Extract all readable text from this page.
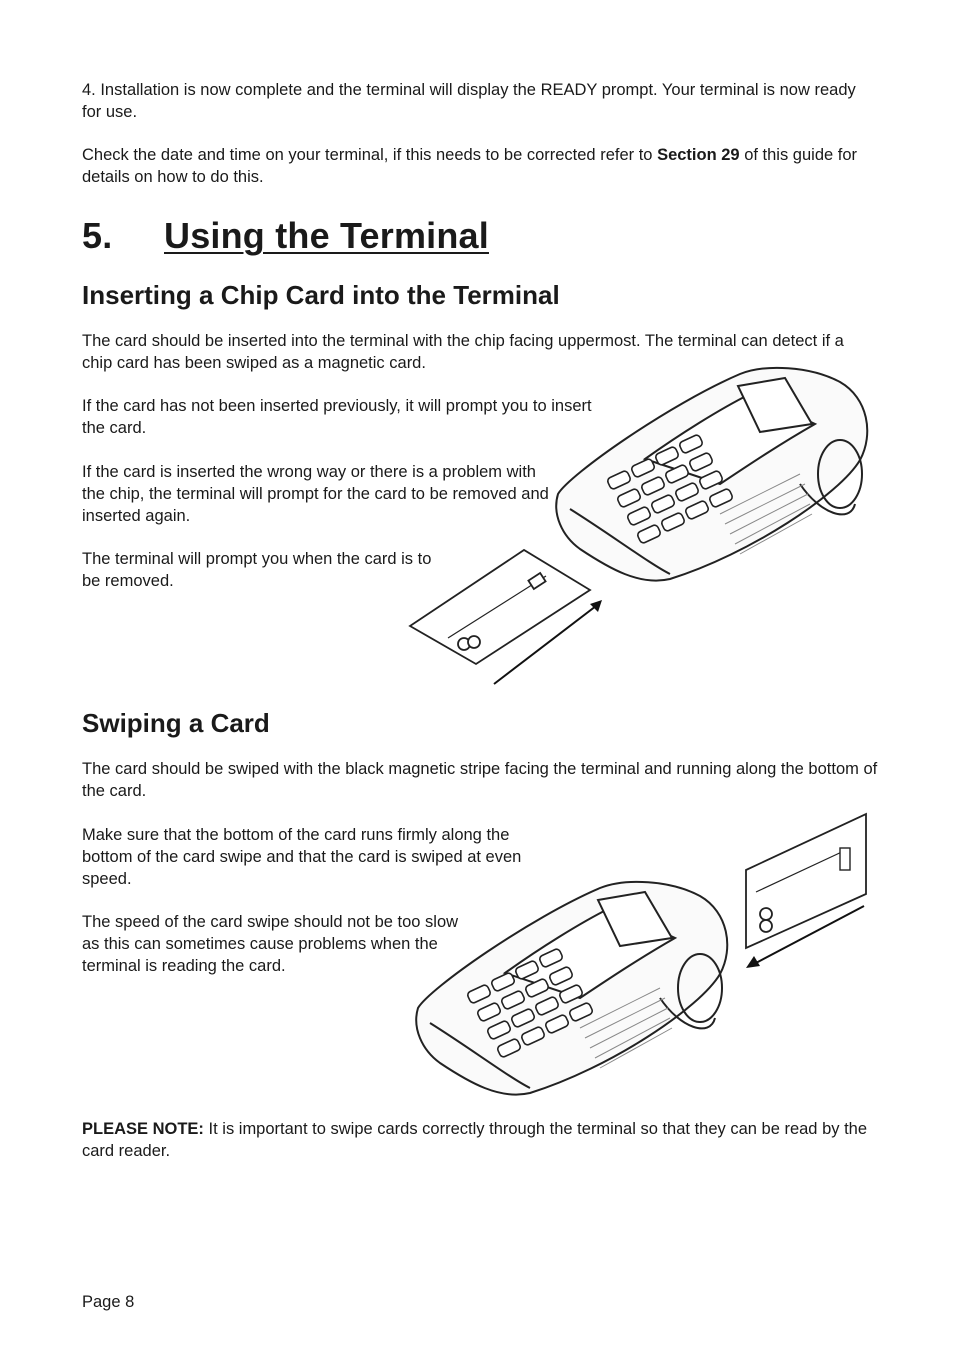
4. Installation is now complete and the terminal will display the READY prompt. Your terminal is now ready for use.

Check the date and time on your terminal, if this needs to be corrected refer to Section 29 of this guide for details on how to do this.

5. Using the Terminal
Inserting a Chip Card into the Terminal

The card should be inserted into the terminal with the chip facing uppermost. The terminal can detect if a chip card has been swiped as a magnetic card.

If the card has not been inserted previously, it will prompt you to insert the card.

If the card is inserted the wrong way or there is a problem with the chip, the terminal will prompt for the card to be removed and inserted again.

The terminal will prompt you when the card is to be removed.

Swiping a Card

The card should be swiped with the black magnetic stripe facing the terminal and running along the bottom of the card.

Make sure that the bottom of the card runs firmly along the bottom of the card swipe and that the card is swiped at even speed.

The speed of the card swipe should not be too slow as this can sometimes cause problems when the terminal is reading the card.

PLEASE NOTE: It is important to swipe cards correctly through the terminal so that they can be read by the card reader.

Page 8
